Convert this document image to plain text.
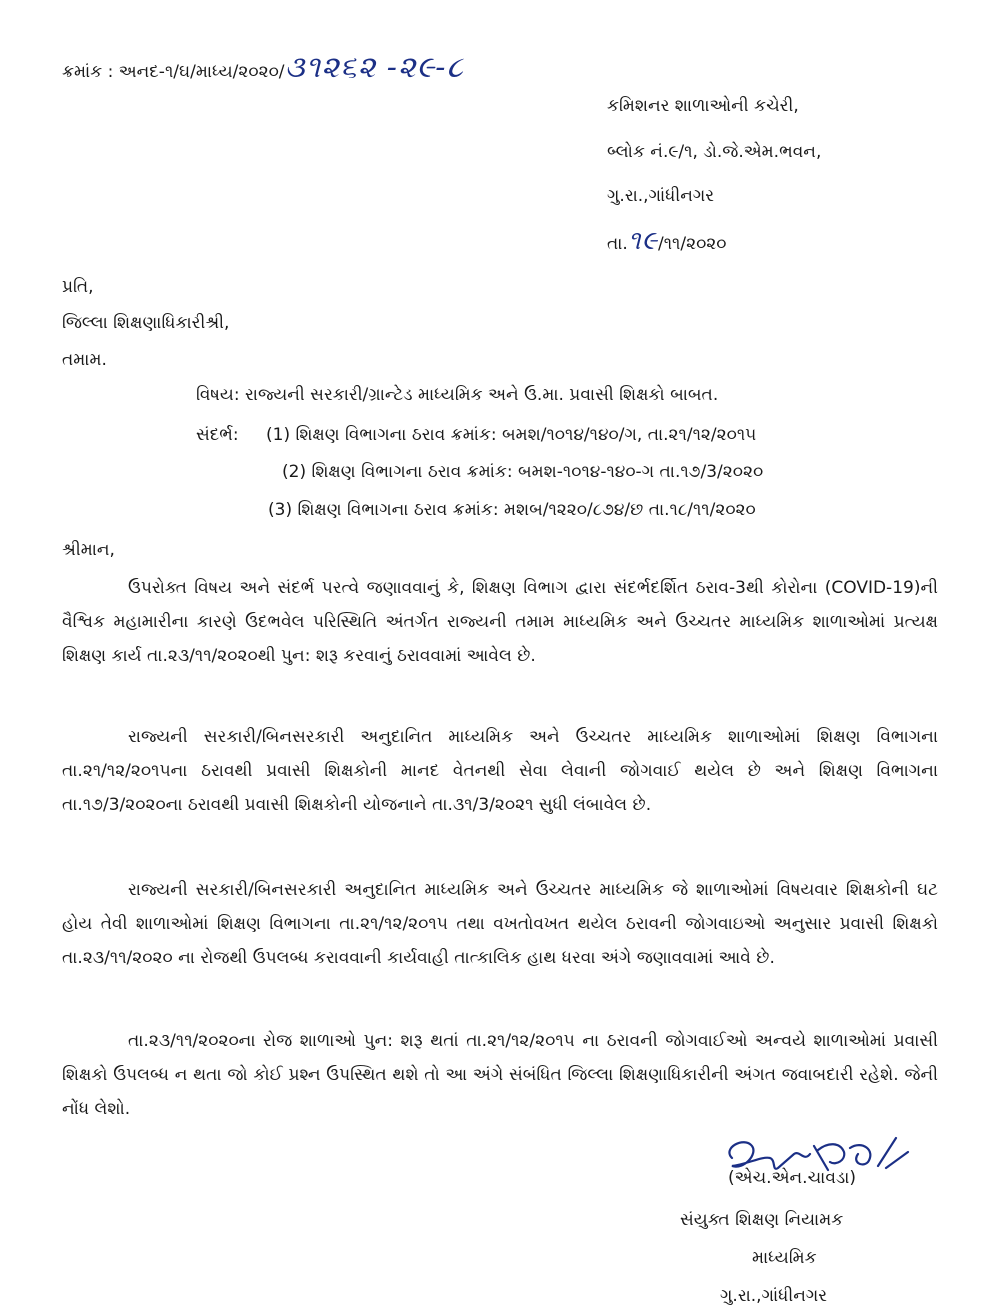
ક્રમાંક : અનદ-૧/ઘ/માધ્ય/૨૦૨૦/૩૧૨૬૨ -૨૯-૮
કમિશનર શાળાઓની કચેરી,
બ્લોક નં.૯/૧, ડો.જે.એમ.ભવન,
ગુ.રા.,ગાંધીનગર
તા.૧૯/૧૧/૨૦૨૦
પ્રતિ,
જિલ્લા શિક્ષણાધિકારીશ્રી,
તમામ.
વિષય: રાજ્યની સરકારી/ગ્રાન્ટેડ માધ્યમિક અને ઉ.મા. પ્રવાસી શિક્ષકો બાબત.
સંદર્ભ: (1) શિક્ષણ વિભાગના ઠરાવ ક્રમાંક: બમશ/૧૦૧૪/૧૪૦/ગ, તા.૨૧/૧૨/૨૦૧૫
(2) શિક્ષણ વિભાગના ઠરાવ ક્રમાંક: બમશ-૧૦૧૪-૧૪૦-ગ તા.૧૭/3/૨૦૨૦
(3) શિક્ષણ વિભાગના ઠરાવ ક્રમાંક: મશબ/૧૨૨૦/૮૭૪/છ તા.૧૮/૧૧/૨૦૨૦
શ્રીમાન,
ઉપરોક્ત વિષય અને સંદર્ભ પરત્વે જણાવવાનું કે, શિક્ષણ વિભાગ દ્વારા સંદર્ભદર્શિત ઠરાવ-3થી કોરોના (COVID-19)ની વૈશ્વિક મહામારીના કારણે ઉદભવેલ પરિસ્થિતિ અંતર્ગત રાજ્યની તમામ માધ્યમિક અને ઉચ્ચતર માધ્યમિક શાળાઓમાં પ્રત્યક્ષ શિક્ષણ કાર્ય તા.૨૩/૧૧/૨૦૨૦થી પુન: શરૂ કરવાનું ઠરાવવામાં આવેલ છે.
રાજ્યની સરકારી/બિનસરકારી અનુદાનિત માધ્યમિક અને ઉચ્ચતર માધ્યમિક શાળાઓમાં શિક્ષણ વિભાગના તા.૨૧/૧૨/૨૦૧૫ના ઠરાવથી પ્રવાસી શિક્ષકોની માનદ વેતનથી સેવા લેવાની જોગવાઈ થયેલ છે અને શિક્ષણ વિભાગના તા.૧૭/3/૨૦૨૦ના ઠરાવથી પ્રવાસી શિક્ષકોની યોજનાને તા.૩૧/3/૨૦૨૧ સુધી લંબાવેલ છે.
રાજ્યની સરકારી/બિનસરકારી અનુદાનિત માધ્યમિક અને ઉચ્ચતર માધ્યમિક જે શાળાઓમાં વિષયવાર શિક્ષકોની ઘટ હોય તેવી શાળાઓમાં શિક્ષણ વિભાગના તા.૨૧/૧૨/૨૦૧૫ તથા વખતોવખત થયેલ ઠરાવની જોગવાઇઓ અનુસાર પ્રવાસી શિક્ષકો તા.૨૩/૧૧/૨૦૨૦ ના રોજથી ઉપલબ્ધ કરાવવાની કાર્યવાહી તાત્કાલિક હાથ ધરવા અંગે જણાવવામાં આવે છે.
તા.૨૩/૧૧/૨૦૨૦ના રોજ શાળાઓ પુન: શરૂ થતાં તા.૨૧/૧૨/૨૦૧૫ ના ઠરાવની જોગવાઈઓ અન્વયે શાળાઓમાં પ્રવાસી શિક્ષકો ઉપલબ્ધ ન થતા જો કોઈ પ્રશ્ન ઉપસ્થિત થશે તો આ અંગે સંબંધિત જિલ્લા શિક્ષણાધિકારીની અંગત જવાબદારી રહેશે. જેની નોંધ લેશો.
(એચ.એન.ચાવડા)
સંયુક્ત શિક્ષણ નિયામક
માધ્યમિક
ગુ.રા.,ગાંધીનગર
